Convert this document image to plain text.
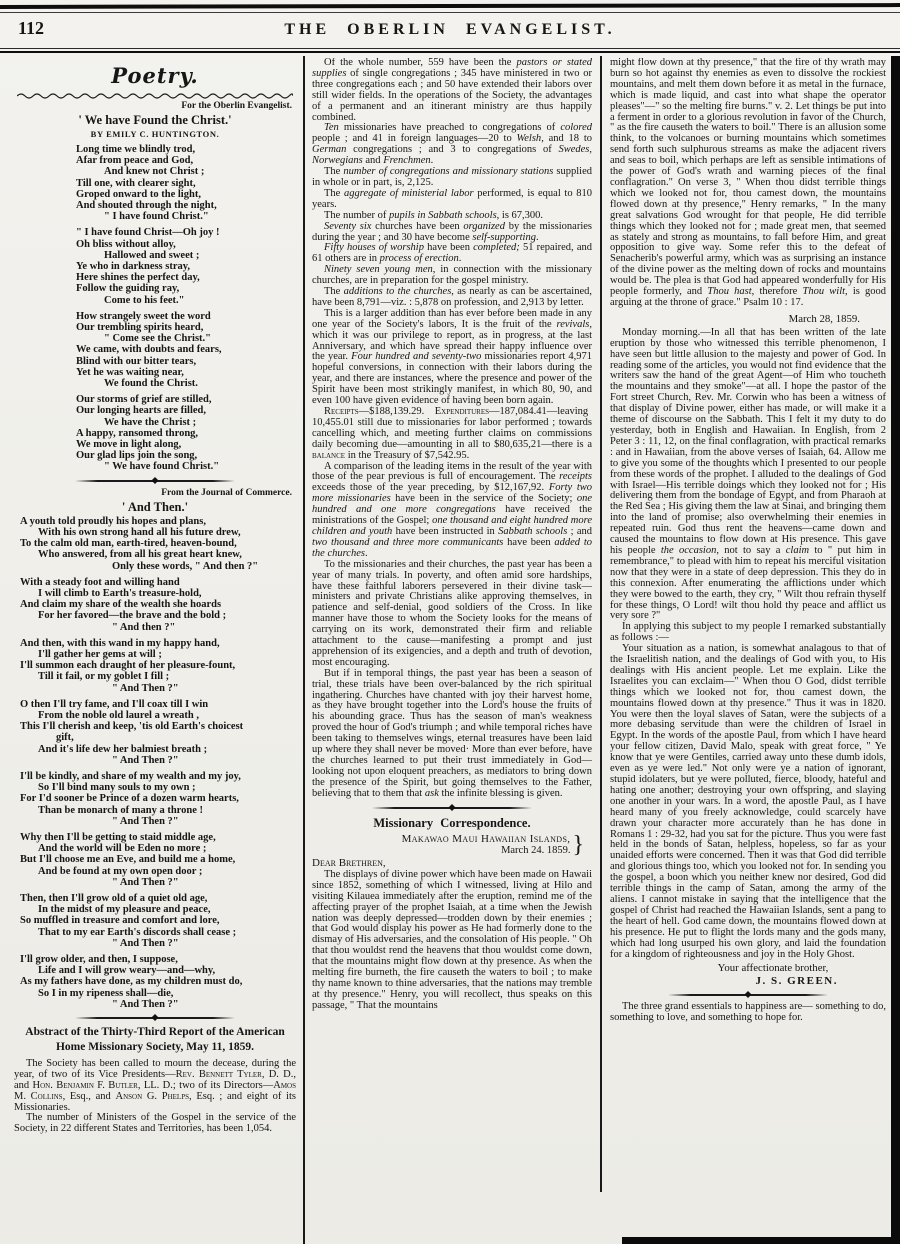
112	THE OBERLIN EVANGELIST.
Poetry.
For the Oberlin Evangelist.
' We have Found the Christ.'
BY EMILY C. HUNTINGTON.
Long time we blindly trod,
Afar from peace and God,
And knew not Christ ;
Till one, with clearer sight,
Groped onward to the light,
And shouted through the night,
" I have found Christ."
" I have found Christ—Oh joy !
Oh bliss without alloy,
Hallowed and sweet ;
Ye who in darkness stray,
Here shines the perfect day,
Follow the guiding ray,
Come to his feet."
How strangely sweet the word
Our trembling spirits heard,
" Come see the Christ."
We came, with doubts and fears,
Blind with our bitter tears,
Yet he was waiting near,
We found the Christ.
Our storms of grief are stilled,
Our longing hearts are filled,
We have the Christ ;
A happy, ransomed throng,
We move in light along,
Our glad lips join the song,
" We have found Christ."
From the Journal of Commerce.
' And Then.'
A youth told proudly his hopes and plans,
With his own strong hand all his future drew,
To the calm old man, earth-tired, heaven-bound,
Who answered, from all his great heart knew,
Only these words, " And then ?"
With a steady foot and willing hand
I will climb to Earth's treasure-hold,
And claim my share of the wealth she hoards
For her favored—the brave and the bold ;
" And then ?"
And then, with this wand in my happy hand,
I'll gather her gems at will ;
I'll summon each draught of her pleasure-fount,
Till it fail, or my goblet I fill ;
" And Then ?"
O then I'll try fame, and I'll coax till I win
From the noble old laurel a wreath ,
This I'll cherish and keep, 'tis old Earth's choicest
gift,
And it's life dew her balmiest breath ;
" And Then ?"
I'll be kindly, and share of my wealth and my joy,
So I'll bind many souls to my own ;
For I'd sooner be Prince of a dozen warm hearts,
Than be monarch of many a throne !
" And Then ?"
Why then I'll be getting to staid middle age,
And the world will be Eden no more ;
But I'll choose me an Eve, and build me a home,
And be found at my own open door ;
" And Then ?"
Then, then I'll grow old of a quiet old age,
In the midst of my pleasure and peace,
So muffled in treasure and comfort and lore,
That to my ear Earth's discords shall cease ;
" And Then ?"
I'll grow older, and then, I suppose,
Life and I will grow weary—and—why,
As my fathers have done, as my children must do,
So I in my ripeness shall—die,
" And Then ?"
Abstract of the Thirty-Third Report of the American Home Missionary Society, May 11, 1859.

The Society has been called to mourn the decease, during the year, of two of its Vice Presidents—Rev. Bennett Tyler, D. D., and Hon. Benjamin F. Butler, LL. D.; two of its Directors—Amos M. Collins, Esq., and Anson G. Phelps, Esq. ; and eight of its Missionaries.

The number of Ministers of the Gospel in the service of the Society, in 22 different States and Territories, has been 1,054.

Of the whole number, 559 have been the pastors or stated supplies of single congregations ; 345 have ministered in two or three congregations each ; and 50 have extended their labors over still wider fields. In the operations of the Society, the advantages of a permanent and an itinerant ministry are thus happily combined.

Ten missionaries have preached to congregations of colored people ; and 41 in foreign languages—20 to Welsh, and 18 to German congregations ; and 3 to congregations of Swedes, Norwegians and Frenchmen.

The number of congregations and missionary stations supplied in whole or in part, is, 2,125.

The aggregate of ministerial labor performed, is equal to 810 years.

The number of pupils in Sabbath schools, is 67,300.

Seventy six churches have been organized by the missionaries during the year ; and 30 have become self-supporting.

Fifty houses of worship have been completed; 51 repaired, and 61 others are in process of erection.

Ninety seven young men, in connection with the missionary churches, are in preparation for the gospel ministry.

The additions to the churches, as nearly as can be ascertained, have been 8,791—viz. : 5,878 on profession, and 2,913 by letter.

This is a larger addition than has ever before been made in any one year of the Society's labors, It is the fruit of the revivals, which it was our privilege to report, as in progress, at the last Anniversary, and which have spread their happy influence over the year. Four hundred and seventy-two missionaries report 4,971 hopeful conversions, in connection with their labors during the year, and there are instances, where the presence and power of the Spirit have been most strikingly manifest, in which 80, 90, and even 100 have given evidence of having been born again.

Receipts—$188,139.29. Expenditures—187,084.41—leaving 10,455.01 still due to missionaries for labor performed ; towards cancelling which, and meeting further claims on commissions daily becoming due—amounting in all to $80,635,21—there is a balance in the Treasury of $7,542.95.

A comparison of the leading items in the result of the year with those of the pear previous is full of encouragement. The receipts exceeds those of the year preceding, by $12,167,92. Forty two more missionaries have been in the service of the Society; one hundred and one more congregations have received the ministrations of the Gospel; one thousand and eight hundred more children and youth have been instructed in Sabbath schools ; and two thousand and three more communicants have been added to the churches.

To the missionaries and their churches, the past year has been a year of many trials. In poverty, and often amid sore hardships, have these faithful laborers persevered in their divine task—ministers and private Christians alike approving themselves, in patience and self-denial, good soldiers of the Cross. In like manner have those to whom the Society looks for the means of carrying on its work, demonstrated their firm and reliable attachment to the cause—manifesting a prompt and just apprehension of its exigencies, and a depth and truth of devotion, most encouraging.

But if in temporal things, the past year has been a season of trial, these trials have been over-balanced by the rich spiritual ingathering. Churches have chanted with joy their harvest home, as they have brought together into the Lord's house the fruits of his abounding grace. Thus has the season of man's weakness proved the hour of God's triumph ; and while temporal riches have been taking to themselves wings, eternal treasures have been laid up where they shall never be moved· More than ever before, have the churches learned to put their trust immediately in God—looking not upon eloquent preachers, as mediators to bring down the presence of the Spirit, but going themselves to the Father, believing that to them that ask the infinite blessing is given.

Missionary Correspondence.
Makawao Maui Hawaiian Islands,
March 24. 1859. }
Dear Brethren,

The displays of divine power which have been made on Hawaii since 1852, something of which I witnessed, living at Hilo and visiting Kilauea immediately after the eruption, remind me of the affecting prayer of the prophet Isaiah, at a time when the Jewish nation was deeply depressed—trodden down by their enemies ; that God would display his power as He had formerly done to the dismay of His adversaries, and the consolation of His people. " Oh that thou wouldst rend the heavens that thou wouldst come down, that the mountains might flow down at thy presence. As when the melting fire burneth, the fire causeth the waters to boil ; to make thy name known to thine adversaries, that the nations may tremble at thy presence." Henry, you will recollect, thus speaks on this passage, " That the mountains

might flow down at thy presence," that the fire of thy wrath may burn so hot against thy enemies as even to dissolve the rockiest mountains, and melt them down before it as metal in the furnace, which is made liquid, and cast into what shape the operator pleases"—" so the melting fire burns." v. 2. Let things be put into a ferment in order to a glorious revolution in favor of the Church, " as the fire causeth the waters to boil." There is an allusion some think, to the volcanoes or burning mountains which sometimes send forth such sulphurous streams as make the adjacent rivers and seas to boil, which perhaps are left as sensible intimations of the power of God's wrath and warning pieces of the final conflagration." On verse 3, " When thou didst terrible things which we looked not for, thou camest down, the mountains flowed down at thy presence," Henry remarks, " In the many great salvations God wrought for that people, He did terrible things which they looked not for ; made great men, that seemed as stately and strong as mountains, to fall before Him, and great opposition to give way. Some refer this to the defeat of Senacherib's powerful army, which was as surprising an instance of the divine power as the melting down of rocks and mountains would be. The plea is that God had appeared wonderfully for His people formerly, and Thou hast, therefore Thou wilt, is good arguing at the throne of grace." Psalm 10 : 17.

March 28, 1859.

Monday morning.—In all that has been written of the late eruption by those who witnessed this terrible phenomenon, I have seen but little allusion to the majesty and power of God. In reading some of the articles, you would not find evidence that the writers saw the hand of the great Agent—of Him who toucheth the mountains and they smoke"—at all. I hope the pastor of the Fort street Church, Rev. Mr. Corwin who has been a witness of that display of Divine power, either has made, or will make it a theme of discourse on the Sabbath. This I felt it my duty to do yesterday, both in English and Hawaiian. In English, from 2 Peter 3 : 11, 12, on the final conflagration, with practical remarks : and in Hawaiian, from the above verses of Isaiah, 64. Allow me to give you some of the thoughts which I presented to our people from these words of the prophet. I alluded to the dealings of God with Israel—His terrible doings which they looked not for ; His delivering them from the bondage of Egypt, and from Pharaoh at the Red Sea ; His giving them the law at Sinai, and bringing them into the land of promise; also overwhelming their enemies in repeated ruin. God thus rent the heavens—came down and caused the mountains to flow down at His presence. This gave his people the occasion, not to say a claim to " put him in remembrance," to plead with him to repeat his merciful visitation now that they were in a state of deep depression. This they do in this connexion. After enumerating the afflictions under which they were bowed to the earth, they cry, " Wilt thou refrain thyself for these things, O Lord! wilt thou hold thy peace and afflict us very sore ?"

In applying this subject to my people I remarked substantially as follows :—

Your situation as a nation, is somewhat analagous to that of the Israelitish nation, and the dealings of God with you, to His dealings with His ancient people. Let me explain. Like the Israelites you can exclaim—" When thou O God, didst terrible things which we looked not for, thou camest down, the mountains flowed down at thy presence." Thus it was in 1820. You were then the loyal slaves of Satan, were the subjects of a more debasing servitude than were the children of Israel in Egypt. In the words of the apostle Paul, from which I have heard your fellow citizen, David Malo, speak with great force, " Ye know that ye were Gentiles, carried away unto these dumb idols, even as ye were led." Not only were ye a nation of ignorant, stupid idolaters, but ye were polluted, fierce, bloody, hateful and hating one another; destroying your own offspring, and slaying one another in your wars. In a word, the apostle Paul, as I have heard many of you freely acknowledge, could scarcely have drawn your character more accurately than he has done in Romans 1 : 29-32, had you sat for the picture. Thus you were fast held in the bonds of Satan, helpless, hopeless, so far as your unaided efforts were concerned. Then it was that God did terrible and glorious things too, which you looked not for. In sending you the gospel, a boon which you neither knew nor desired, God did terrible things in the camp of Satan, among the army of the aliens. I cannot mistake in saying that the intelligence that the gospel of Christ had reached the Hawaiian Islands, sent a pang to the heart of hell. God came down, the mountains flowed down at his presence. He put to flight the lords many and the gods many, which had long usurped his own glory, and laid the foundation for a kingdom of righteousness and joy in the Holy Ghost.

Your affectionate brother,
J. S. GREEN.

The three grand essentials to happiness are— something to do, something to love, and something to hope for.
